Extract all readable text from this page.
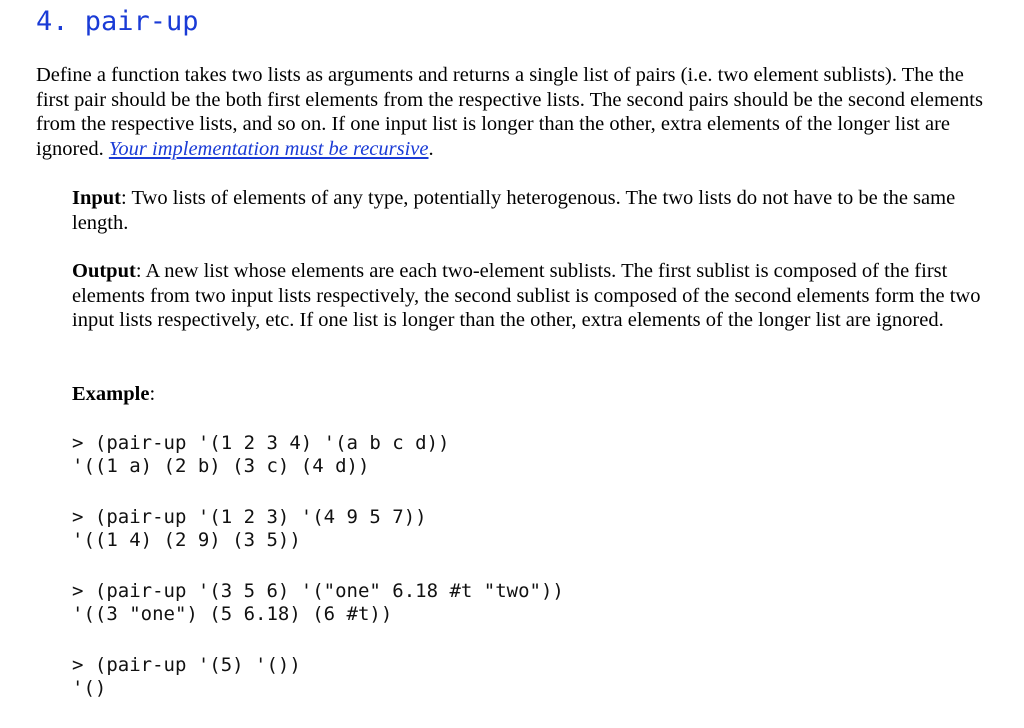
4. pair-up

Define a function takes two lists as arguments and returns a single list of pairs (i.e. two element sublists). The the first pair should be the both first elements from the respective lists. The second pairs should be the second elements from the respective lists, and so on. If one input list is longer than the other, extra elements of the longer list are ignored. Your implementation must be recursive.

Input: Two lists of elements of any type, potentially heterogenous. The two lists do not have to be the same length.

Output: A new list whose elements are each two-element sublists. The first sublist is composed of the first elements from two input lists respectively, the second sublist is composed of the second elements form the two input lists respectively, etc. If one list is longer than the other, extra elements of the longer list are ignored.

Example:

> (pair-up '(1 2 3 4) '(a b c d))
'((1 a) (2 b) (3 c) (4 d))
> (pair-up '(1 2 3) '(4 9 5 7))
'((1 4) (2 9) (3 5))
> (pair-up '(3 5 6) '("one" 6.18 #t "two"))
'((3 "one") (5 6.18) (6 #t))
> (pair-up '(5) '())
'()
